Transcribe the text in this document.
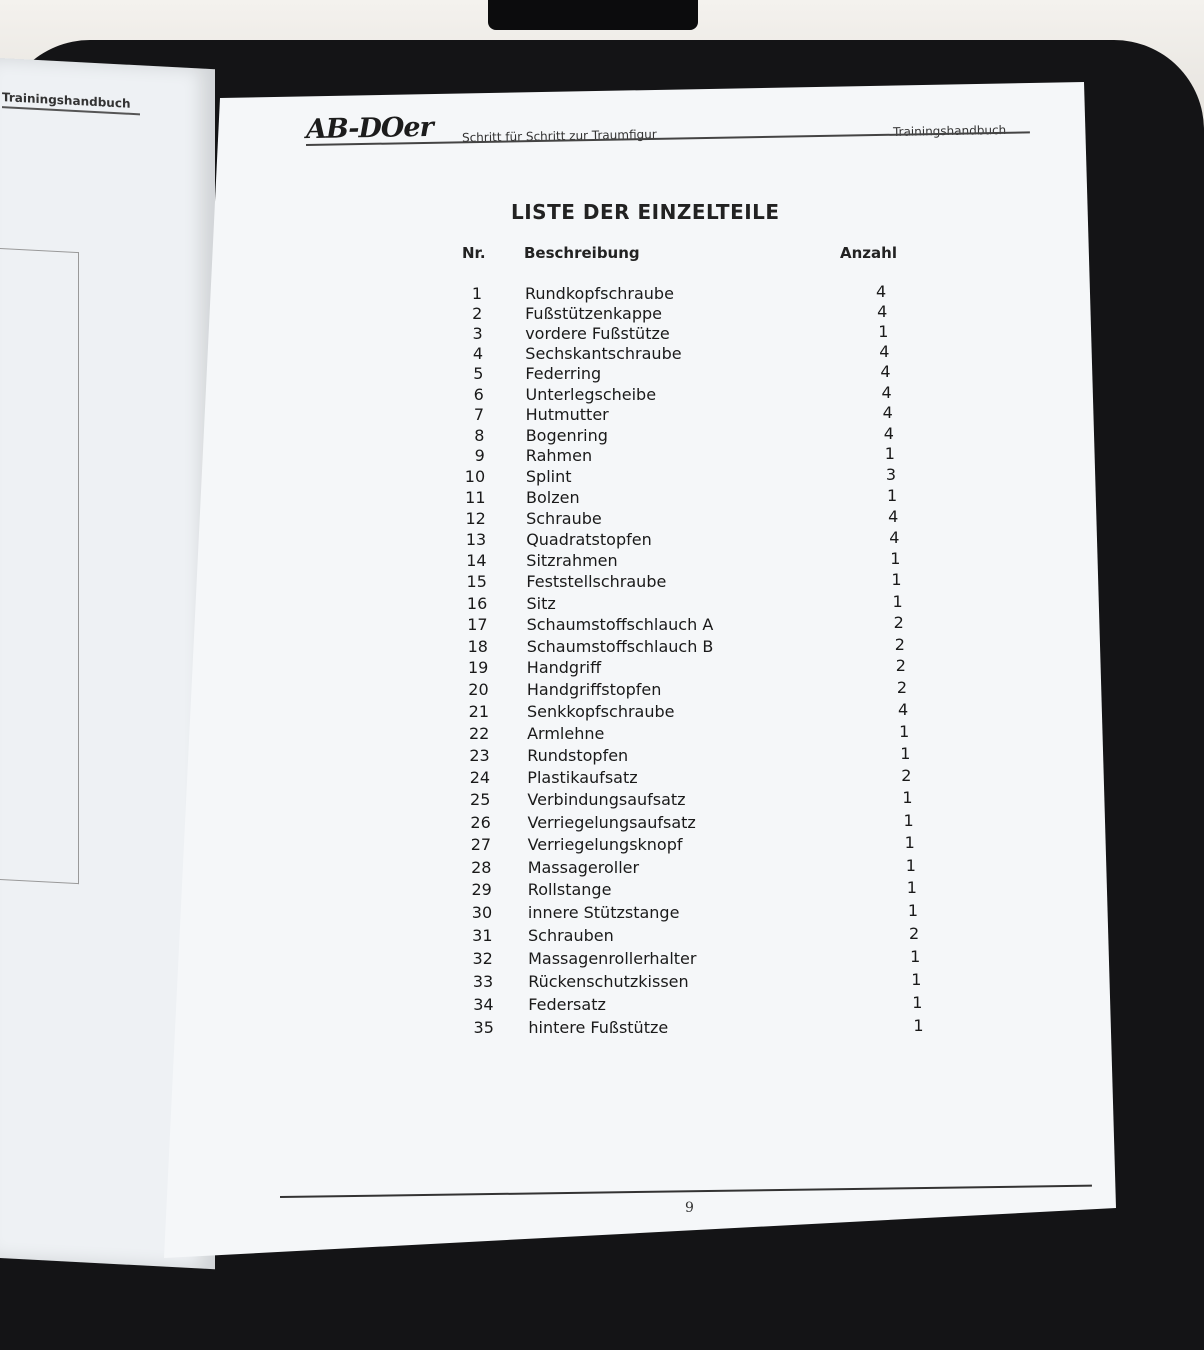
Trainingshandbuch
AB-DOer Schritt für Schritt zur Traumfigur	Trainingshandbuch
LISTE DER EINZELTEILE
Nr.	Beschreibung	Anzahl
1	Rundkopfschraube	4
2	Fußstützenkappe	4
3	vordere Fußstütze	1
4	Sechskantschraube	4
5	Federring	4
6	Unterlegscheibe	4
7	Hutmutter	4
8	Bogenring	4
9	Rahmen	1
10	Splint	3
11	Bolzen	1
12	Schraube	4
13	Quadratstopfen	4
14 Sitzrahmen	1
15 Feststellschraube	1
16 Sitz	1
17 Schaumstoffschlauch A	2
18 Schaumstoffschlauch B	2
19 Handgriff	2
20 Handgriffstopfen	2
21 Senkkopfschraube	4
22 Armlehne	1
23 Rundstopfen	1
24 Plastikaufsatz	2
25 Verbindungsaufsatz	1
26 Verriegelungsaufsatz	1
27 Verriegelungsknopf	1
28 Massageroller	1
29 Rollstange	1
30 innere Stützstange	1
31 Schrauben	2
32 Massagenrollerhalter	1
33 Rückenschutzkissen	1
34 Federsatz	1
35 hintere Fußstütze	1
9
